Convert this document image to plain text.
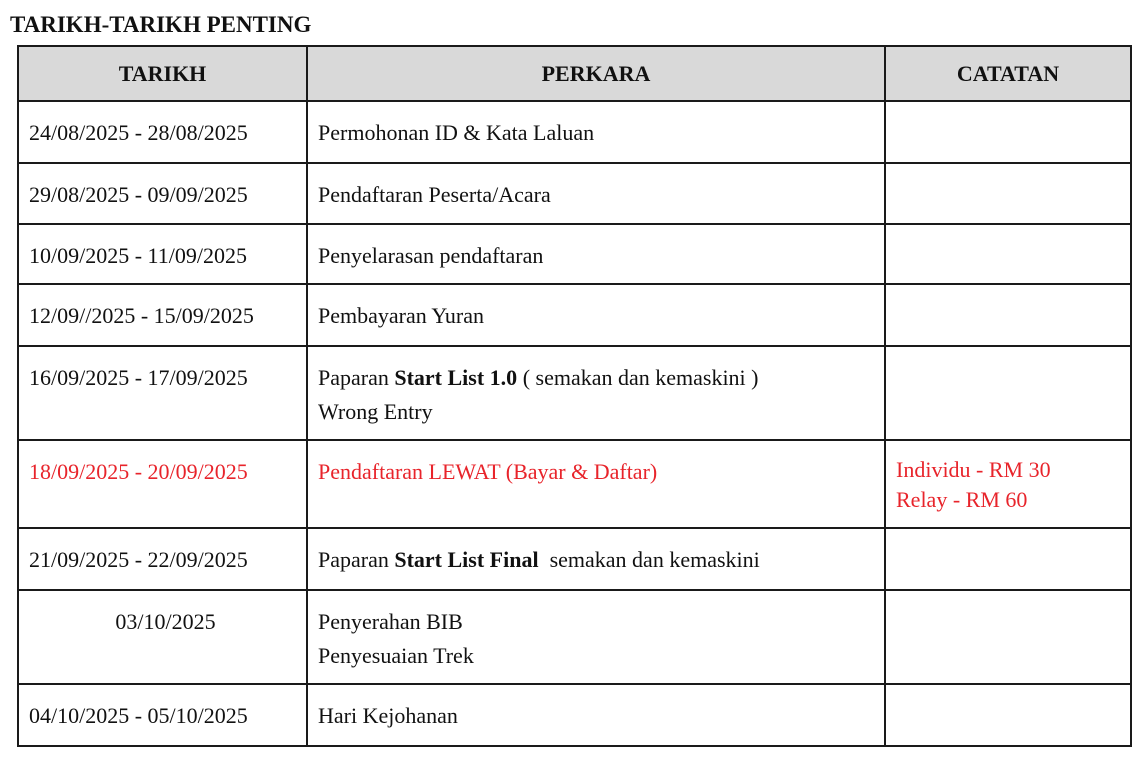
TARIKH-TARIKH PENTING
TARIKH	PERKARA	CATATAN
24/08/2025 - 28/08/2025	Permohonan ID & Kata Laluan	
29/08/2025 - 09/09/2025	Pendaftaran Peserta/Acara	
10/09/2025 - 11/09/2025	Penyelarasan pendaftaran	
12/09//2025 - 15/09/2025	Pembayaran Yuran	
16/09/2025 - 17/09/2025	Paparan Start List 1.0 ( semakan dan kemaskini )
Wrong Entry	

18/09/2025 - 20/09/2025	Pendaftaran LEWAT (Bayar & Daftar)	Individu - RM 30
Relay - RM 60

21/09/2025 - 22/09/2025	Paparan Start List Final  semakan dan kemaskini	
03/10/2025	Penyerahan BIB
Penyesuaian Trek	

04/10/2025 - 05/10/2025	Hari Kejohanan	
